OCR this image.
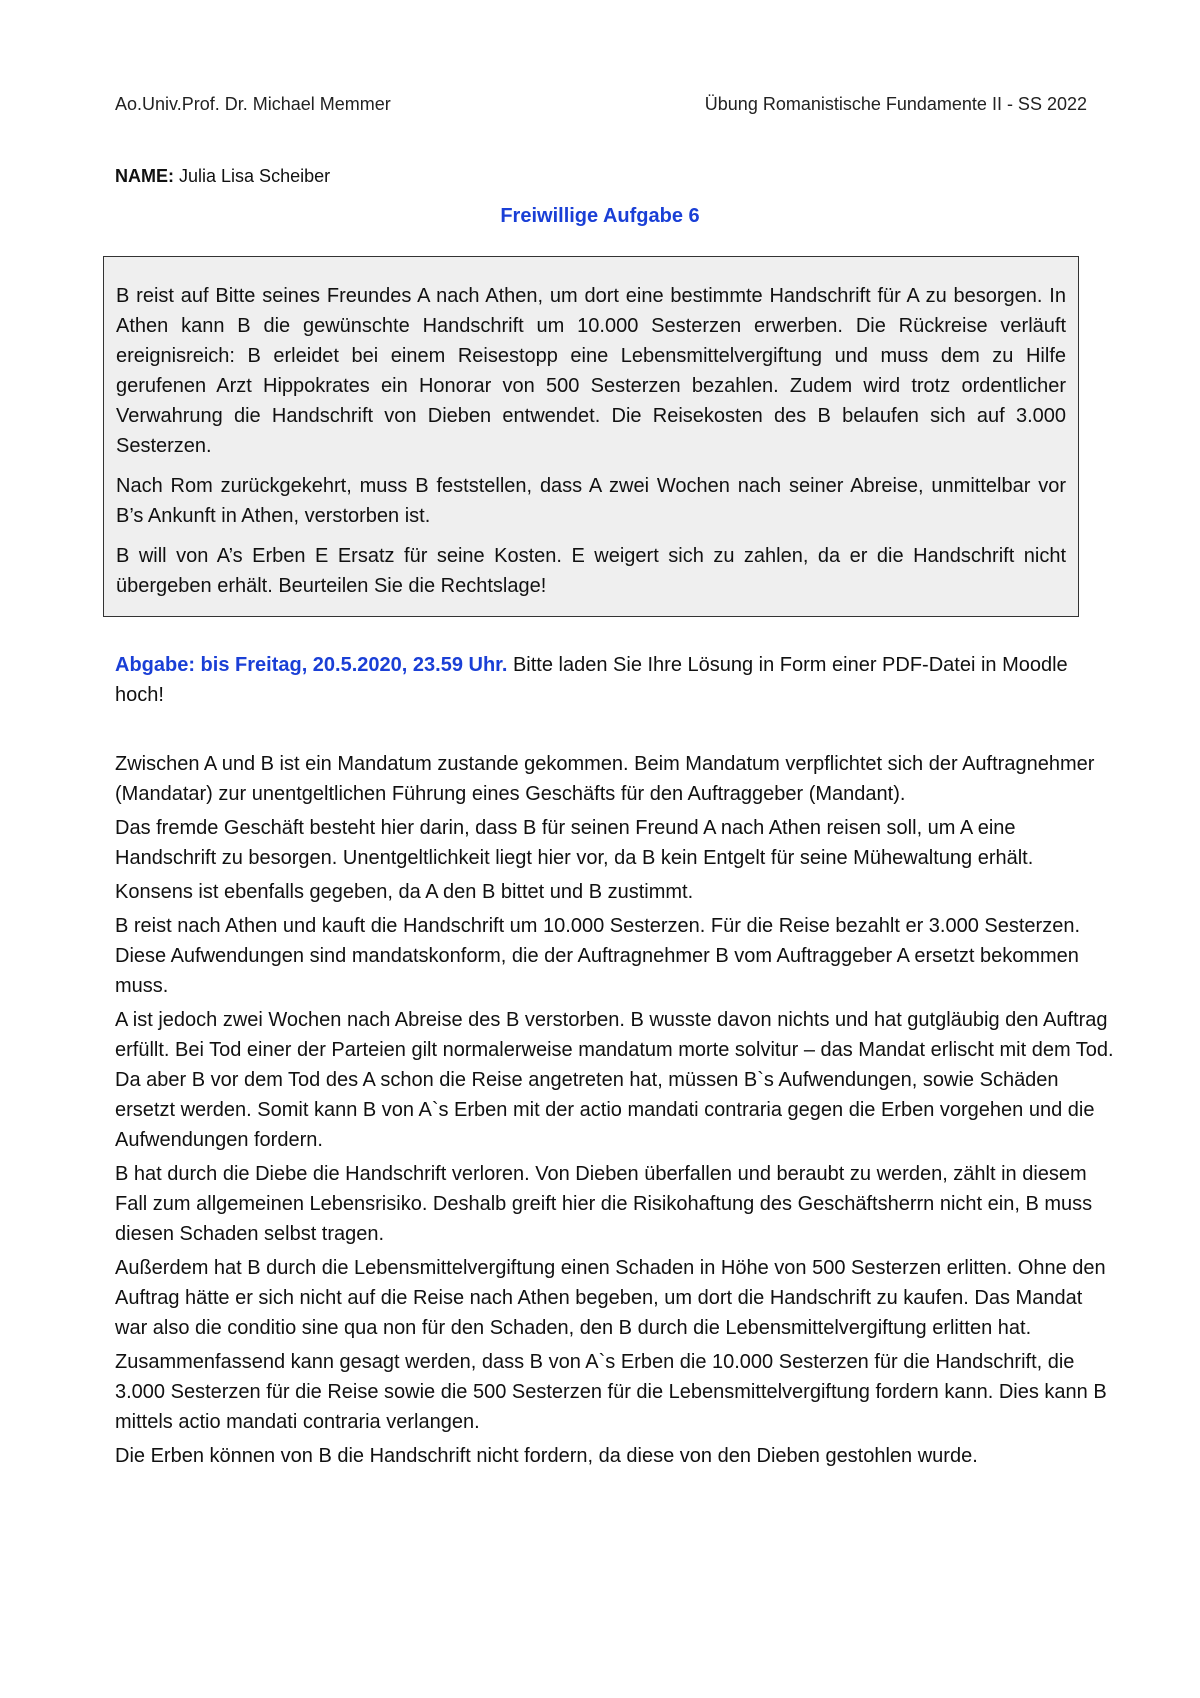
Ao.Univ.Prof. Dr. Michael Memmer	Übung Romanistische Fundamente II - SS 2022
NAME: Julia Lisa Scheiber
Freiwillige Aufgabe 6

B reist auf Bitte seines Freundes A nach Athen, um dort eine bestimmte Handschrift für A zu besorgen. In Athen kann B die gewünschte Handschrift um 10.000 Sesterzen erwerben. Die Rückreise verläuft ereignisreich: B erleidet bei einem Reisestopp eine Lebensmittelvergiftung und muss dem zu Hilfe gerufenen Arzt Hippokrates ein Honorar von 500 Sesterzen bezahlen. Zudem wird trotz ordentlicher Verwahrung die Handschrift von Dieben entwendet. Die Reisekosten des B belaufen sich auf 3.000 Sesterzen.

Nach Rom zurückgekehrt, muss B feststellen, dass A zwei Wochen nach seiner Abreise, unmittelbar vor B’s Ankunft in Athen, verstorben ist.

B will von A’s Erben E Ersatz für seine Kosten. E weigert sich zu zahlen, da er die Handschrift nicht übergeben erhält. Beurteilen Sie die Rechtslage!

Abgabe: bis Freitag, 20.5.2020, 23.59 Uhr. Bitte laden Sie Ihre Lösung in Form einer PDF-Datei in Moodle hoch!

Zwischen A und B ist ein Mandatum zustande gekommen. Beim Mandatum verpflichtet sich der Auftragnehmer (Mandatar) zur unentgeltlichen Führung eines Geschäfts für den Auftraggeber (Mandant).

Das fremde Geschäft besteht hier darin, dass B für seinen Freund A nach Athen reisen soll, um A eine Handschrift zu besorgen. Unentgeltlichkeit liegt hier vor, da B kein Entgelt für seine Mühewaltung erhält.

Konsens ist ebenfalls gegeben, da A den B bittet und B zustimmt.

B reist nach Athen und kauft die Handschrift um 10.000 Sesterzen. Für die Reise bezahlt er 3.000 Sesterzen. Diese Aufwendungen sind mandatskonform, die der Auftragnehmer B vom Auftraggeber A ersetzt bekommen muss.

A ist jedoch zwei Wochen nach Abreise des B verstorben. B wusste davon nichts und hat gutgläubig den Auftrag erfüllt. Bei Tod einer der Parteien gilt normalerweise mandatum morte solvitur – das Mandat erlischt mit dem Tod. Da aber B vor dem Tod des A schon die Reise angetreten hat, müssen B`s Aufwendungen, sowie Schäden ersetzt werden. Somit kann B von A`s Erben mit der actio mandati contraria gegen die Erben vorgehen und die Aufwendungen fordern.

B hat durch die Diebe die Handschrift verloren. Von Dieben überfallen und beraubt zu werden, zählt in diesem Fall zum allgemeinen Lebensrisiko. Deshalb greift hier die Risikohaftung des Geschäftsherrn nicht ein, B muss diesen Schaden selbst tragen.

Außerdem hat B durch die Lebensmittelvergiftung einen Schaden in Höhe von 500 Sesterzen erlitten. Ohne den Auftrag hätte er sich nicht auf die Reise nach Athen begeben, um dort die Handschrift zu kaufen. Das Mandat war also die conditio sine qua non für den Schaden, den B durch die Lebensmittelvergiftung erlitten hat.

Zusammenfassend kann gesagt werden, dass B von A`s Erben die 10.000 Sesterzen für die Handschrift, die 3.000 Sesterzen für die Reise sowie die 500 Sesterzen für die Lebensmittelvergiftung fordern kann. Dies kann B mittels actio mandati contraria verlangen.

Die Erben können von B die Handschrift nicht fordern, da diese von den Dieben gestohlen wurde.
